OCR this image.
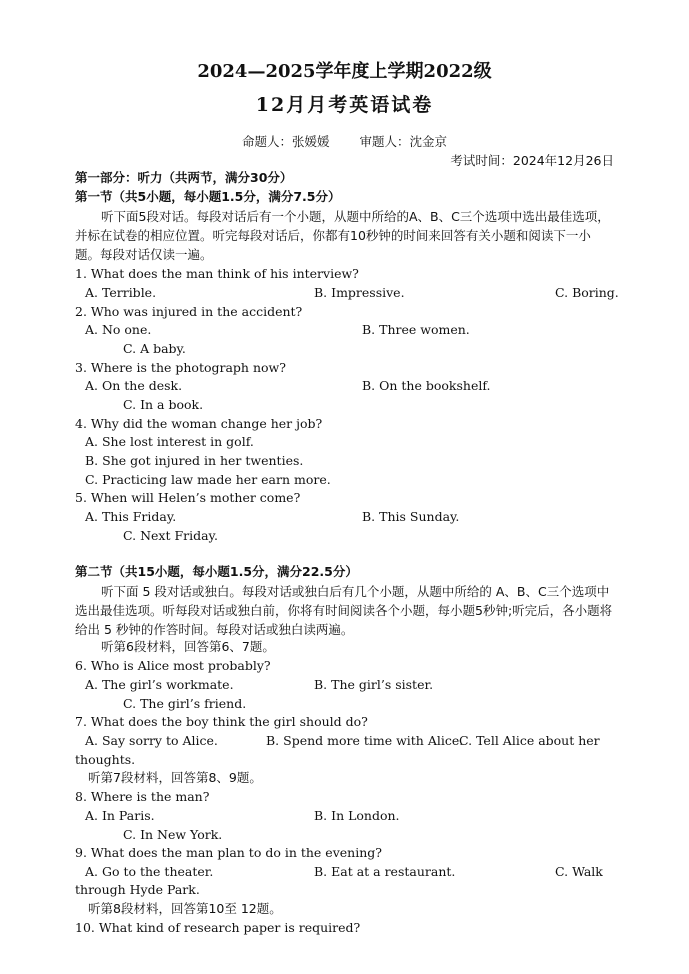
2024—2025学年度上学期2022级
12月月考英语试卷
命题人：张媛媛 审题人：沈金京
考试时间：2024年12月26日
第一部分：听力（共两节，满分30分）
第一节（共5小题，每小题1.5分，满分7.5分）
听下面5段对话。每段对话后有一个小题，从题中所给的A、B、C三个选项中选出最佳选项，并标在试卷的相应位置。听完每段对话后，你都有10秒钟的时间来回答有关小题和阅读下一小题。每段对话仅读一遍。
1. What does the man think of his interview?
A. Terrible.	B. Impressive.	C. Boring.
2. Who was injured in the accident?
A. No one.	B. Three women.
C. A baby.
3. Where is the photograph now?
A. On the desk.	B. On the bookshelf.
C. In a book.
4. Why did the woman change her job?
A. She lost interest in golf.
B. She got injured in her twenties.
C. Practicing law made her earn more.
5. When will Helen’s mother come?
A. This Friday.	B. This Sunday.
C. Next Friday.
第二节（共15小题，每小题1.5分，满分22.5分）
听下面 5 段对话或独白。每段对话或独白后有几个小题，从题中所给的 A、B、C三个选项中选出最佳选项。听每段对话或独白前，你将有时间阅读各个小题，每小题5秒钟;听完后，各小题将给出 5 秒钟的作答时间。每段对话或独白读两遍。
听第6段材料，回答第6、7题。
6. Who is Alice most probably?
A. The girl’s workmate.	B. The girl’s sister.
C. The girl’s friend.
7. What does the boy think the girl should do?
A. Say sorry to Alice.	B. Spend more time with Alice.
C. Tell Alice about her
thoughts.
听第7段材料，回答第8、9题。
8. Where is the man?
A. In Paris.	B. In London.
C. In New York.
9. What does the man plan to do in the evening?
A. Go to the theater.	B. Eat at a restaurant.	C. Walk
through Hyde Park.
听第8段材料，回答第10至 12题。
10. What kind of research paper is required?
